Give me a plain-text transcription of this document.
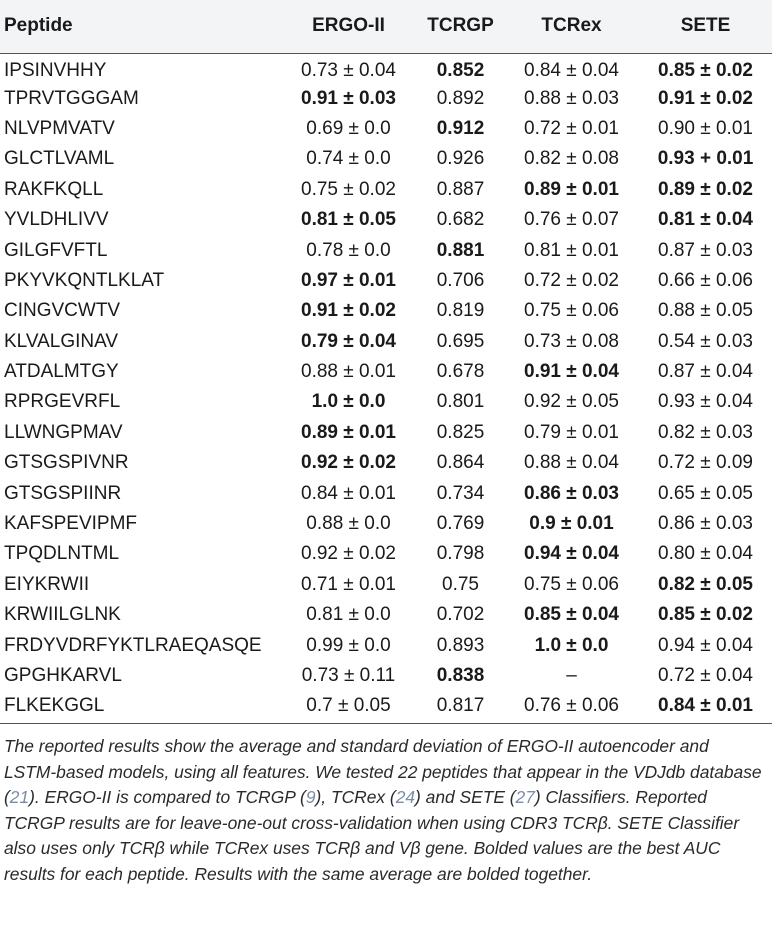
Peptide	ERGO-II	TCRGP	TCRex	SETE
IPSINVHHY	0.73 ± 0.04	0.852	0.84 ± 0.04	0.85 ± 0.02
TPRVTGGGAM	0.91 ± 0.03	0.892	0.88 ± 0.03	0.91 ± 0.02
NLVPMVATV	0.69 ± 0.0	0.912	0.72 ± 0.01	0.90 ± 0.01
GLCTLVAML	0.74 ± 0.0	0.926	0.82 ± 0.08	0.93 + 0.01
RAKFKQLL	0.75 ± 0.02	0.887	0.89 ± 0.01	0.89 ± 0.02
YVLDHLIVV	0.81 ± 0.05	0.682	0.76 ± 0.07	0.81 ± 0.04
GILGFVFTL	0.78 ± 0.0	0.881	0.81 ± 0.01	0.87 ± 0.03
PKYVKQNTLKLAT	0.97 ± 0.01	0.706	0.72 ± 0.02	0.66 ± 0.06
CINGVCWTV	0.91 ± 0.02	0.819	0.75 ± 0.06	0.88 ± 0.05
KLVALGINAV	0.79 ± 0.04	0.695	0.73 ± 0.08	0.54 ± 0.03
ATDALMTGY	0.88 ± 0.01	0.678	0.91 ± 0.04	0.87 ± 0.04
RPRGEVRFL	1.0 ± 0.0	0.801	0.92 ± 0.05	0.93 ± 0.04
LLWNGPMAV	0.89 ± 0.01	0.825	0.79 ± 0.01	0.82 ± 0.03
GTSGSPIVNR	0.92 ± 0.02	0.864	0.88 ± 0.04	0.72 ± 0.09
GTSGSPIINR	0.84 ± 0.01	0.734	0.86 ± 0.03	0.65 ± 0.05
KAFSPEVIPMF	0.88 ± 0.0	0.769	0.9 ± 0.01	0.86 ± 0.03
TPQDLNTML	0.92 ± 0.02	0.798	0.94 ± 0.04	0.80 ± 0.04
EIYKRWII	0.71 ± 0.01	0.75	0.75 ± 0.06	0.82 ± 0.05
KRWIILGLNK	0.81 ± 0.0	0.702	0.85 ± 0.04	0.85 ± 0.02
FRDYVDRFYKTLRAEQASQE	0.99 ± 0.0	0.893	1.0 ± 0.0	0.94 ± 0.04
GPGHKARVL	0.73 ± 0.11	0.838	–	0.72 ± 0.04
FLKEKGGL	0.7 ± 0.05	0.817	0.76 ± 0.06	0.84 ± 0.01
The reported results show the average and standard deviation of ERGO-II autoencoder and LSTM-based models, using all features. We tested 22 peptides that appear in the VDJdb database (21). ERGO-II is compared to TCRGP (9), TCRex (24) and SETE (27) Classifiers. Reported TCRGP results are for leave-one-out cross-validation when using CDR3 TCRβ. SETE Classifier also uses only TCRβ while TCRex uses TCRβ and Vβ gene. Bolded values are the best AUC results for each peptide. Results with the same average are bolded together.
